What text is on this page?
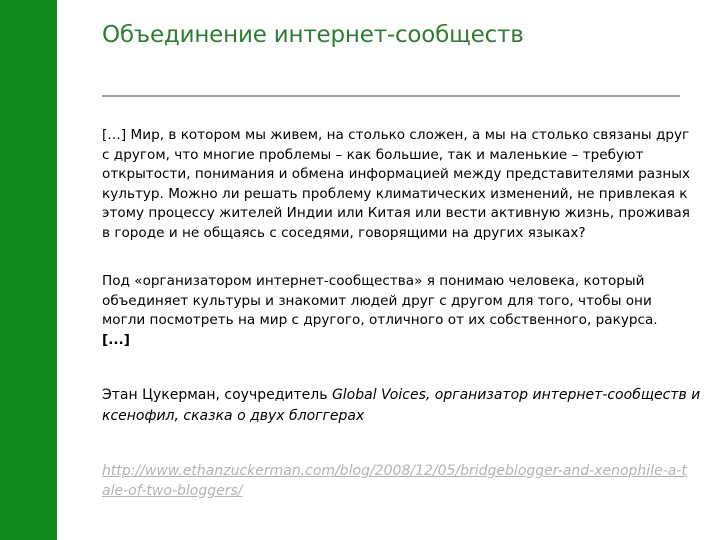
Объединение интернет-сообществ

[…] Мир, в котором мы живем, на столько сложен, а мы на столько связаны друг с другом, что многие проблемы – как большие, так и маленькие – требуют открытости, понимания и обмена информацией между представителями разных культур. Можно ли решать проблему климатических изменений, не привлекая к этому процессу жителей Индии или Китая или вести активную жизнь, проживая в городе и не общаясь с соседями, говорящими на других языках?

Под «организатором интернет-сообщества» я понимаю человека, который объединяет культуры и знакомит людей друг с другом для того, чтобы они могли посмотреть на мир с другого, отличного от их собственного, ракурса.
[...]

Этан Цукерман, соучредитель Global Voices, организатор интернет-сообществ и ксенофил, сказка о двух блоггерах

http://www.ethanzuckerman.com/blog/2008/12/05/bridgeblogger-and-xenophile-a-tale-of-two-bloggers/
